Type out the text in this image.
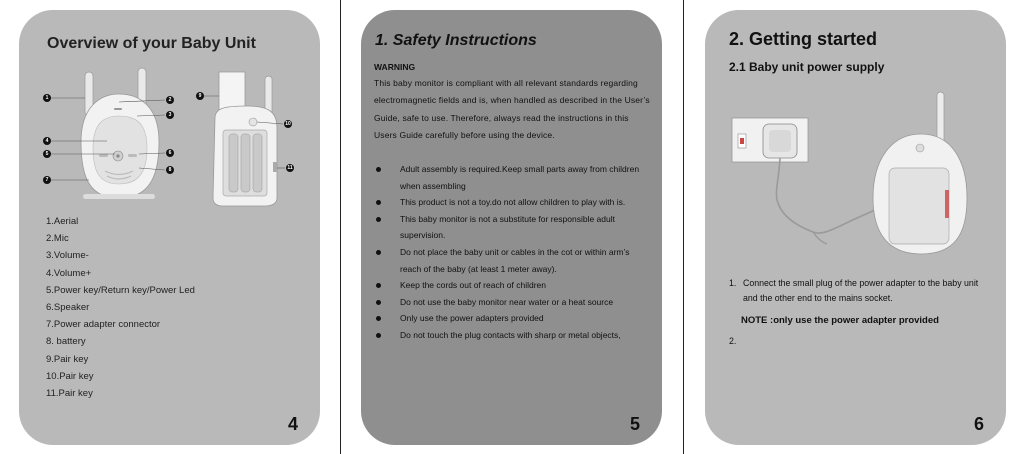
Overview of your Baby Unit
1	2
3
4
5	6
8
7
9
10
11
1.Aerial
2.Mic
3.Volume-
4.Volume+
5.Power key/Return key/Power Led
6.Speaker
7.Power adapter connector
8. battery
9.Pair key
10.Pair key
11.Pair key
4
1. Safety Instructions
WARNING
This baby monitor is compliant with all relevant standards regarding electromagnetic fields and is, when handled as described in the User’s Guide, safe to use. Therefore, always read the instructions in this Users Guide carefully before using the device.
Adult assembly is required.Keep small parts away from children when assembling
This product is not a toy.do not allow children to play with is.
This baby monitor is not a substitute for responsible adult supervision.
Do not place the baby unit or cables in the cot or within arm’s reach of the baby (at least 1 meter away).
Keep the cords out of reach of children
Do not use the baby monitor near water or a heat source
Only use the power adapters provided
Do not touch the plug contacts with sharp or metal objects,
5
2. Getting started
2.1 Baby unit power supply
1. Connect the small plug of the power adapter to the baby unit and the other end to the mains socket.
NOTE :only use the power adapter provided
2.
6
